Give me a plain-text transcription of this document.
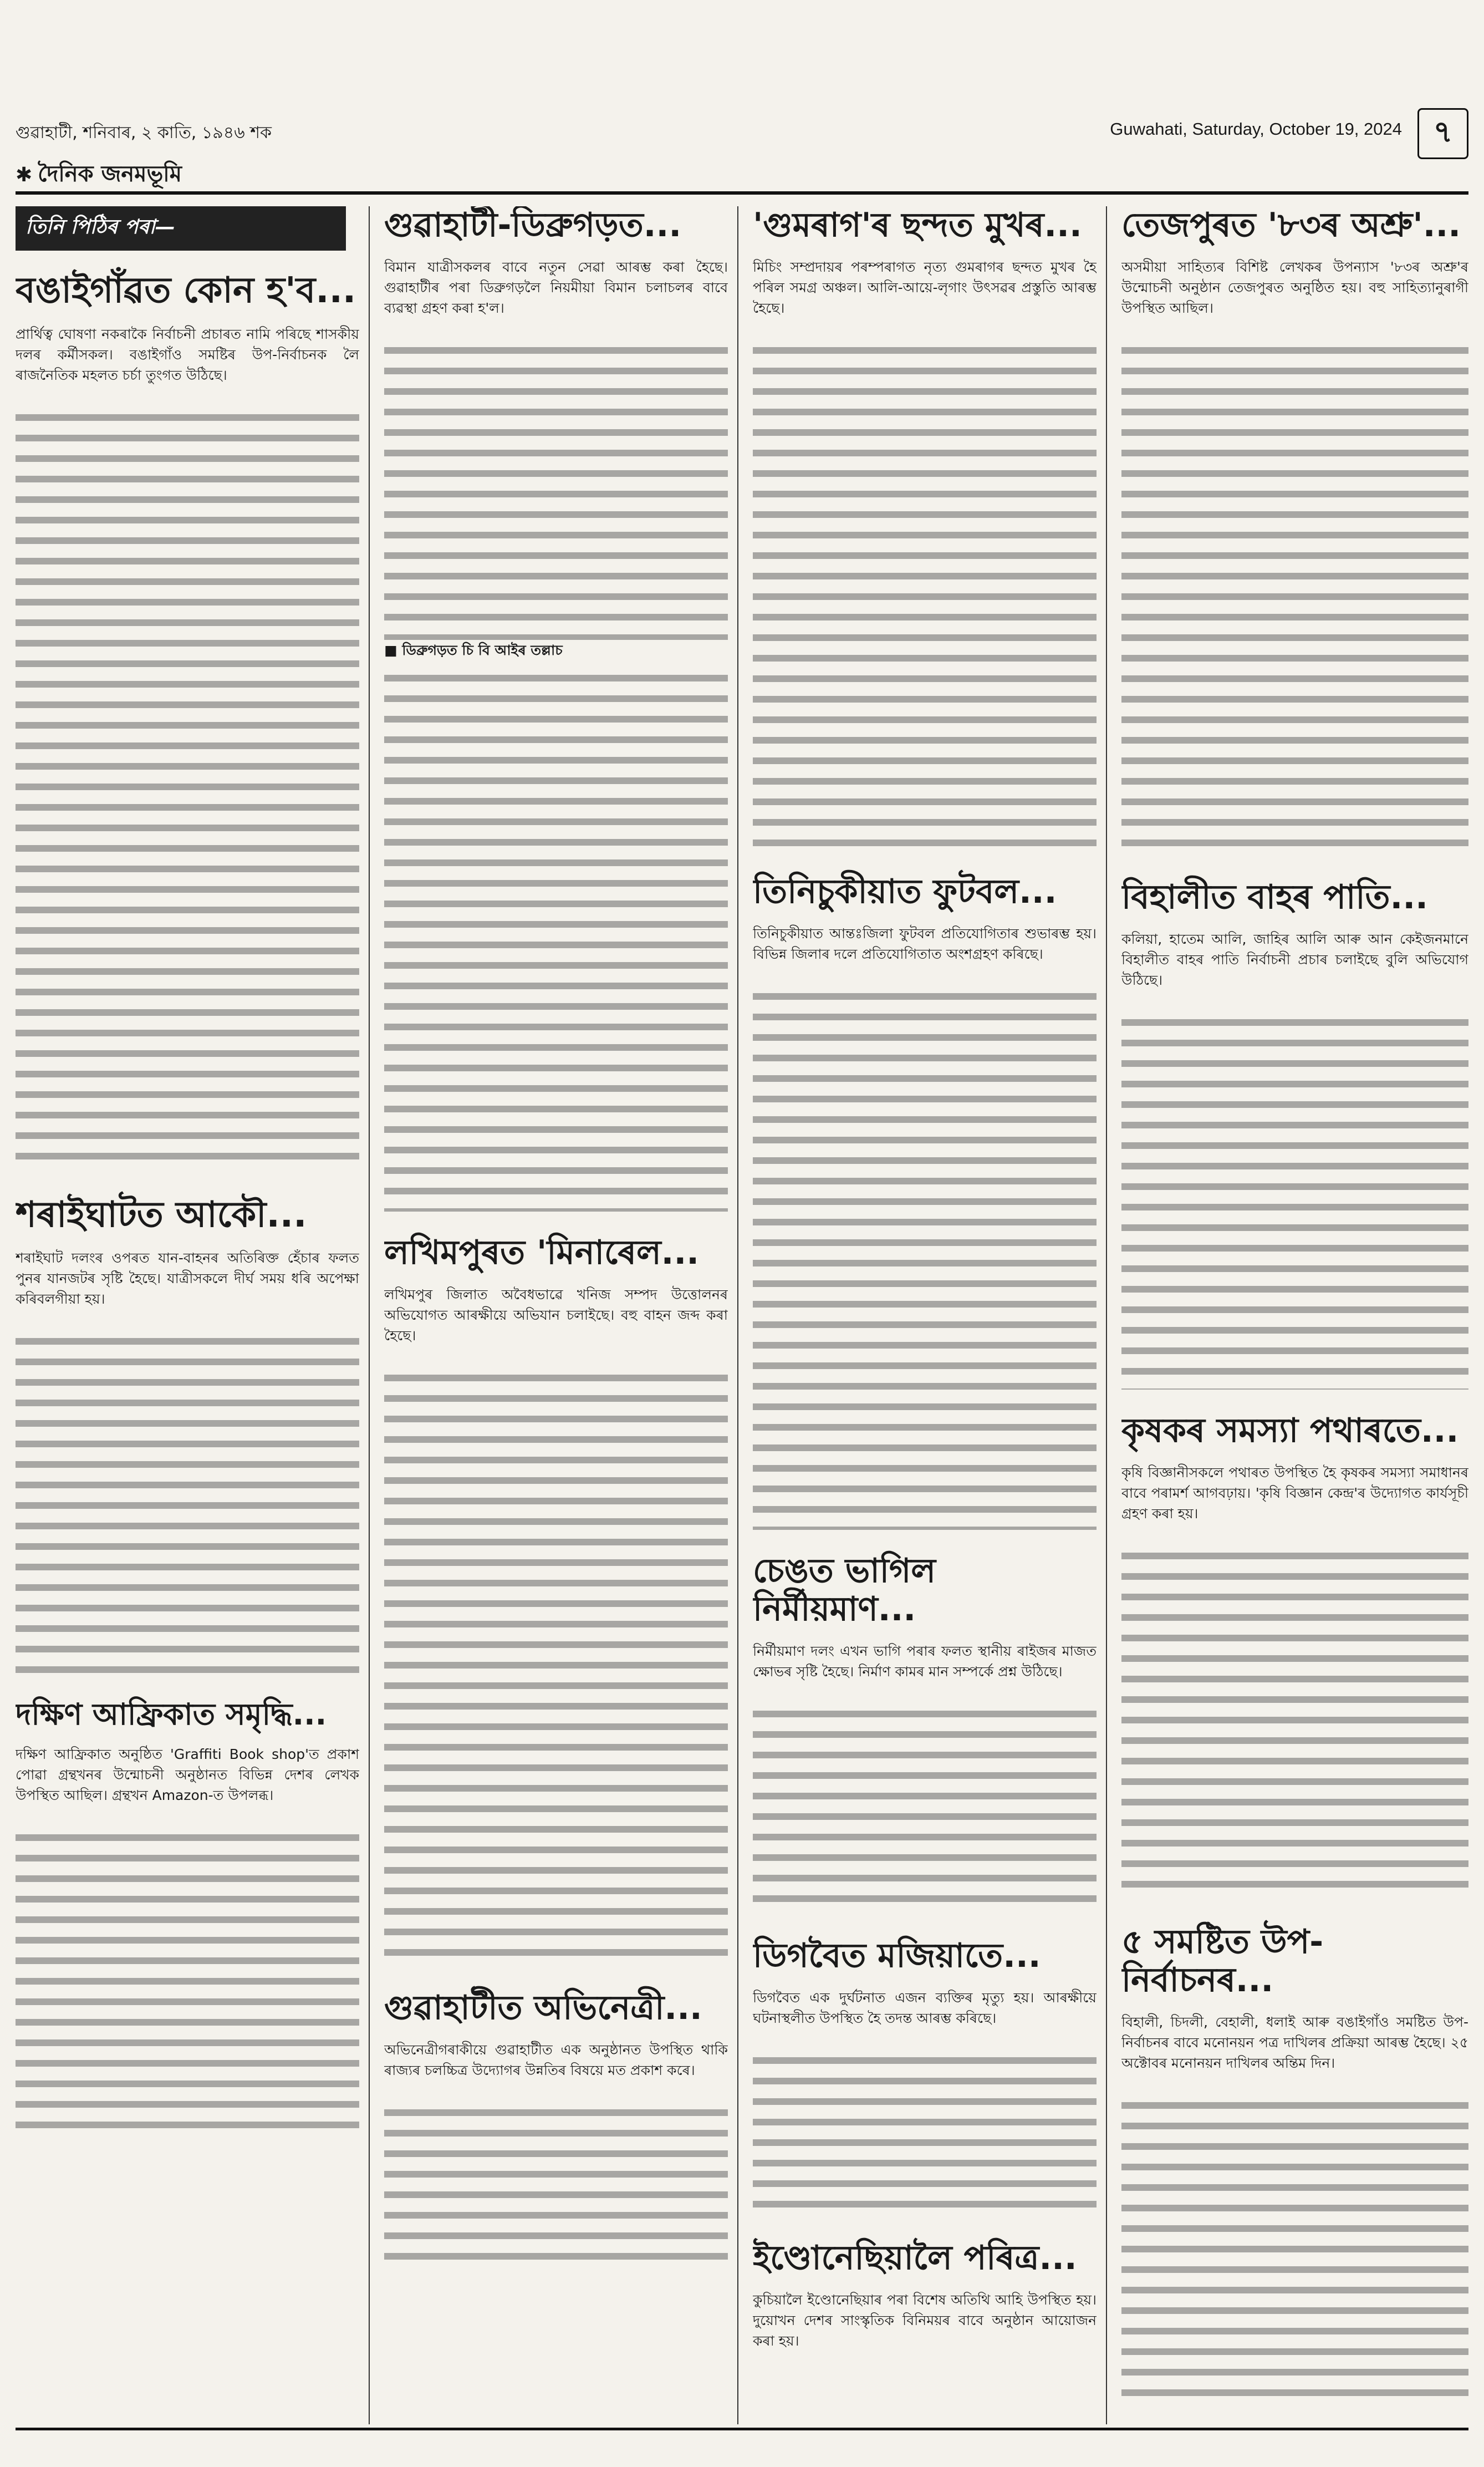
গুৱাহাটী, শনিবাৰ, ২ কাতি, ১৯৪৬ শক	Guwahati, Saturday, October 19, 2024	৭
✱ দৈনিক জনমভূমি
তিনি পিঠিৰ পৰা—
বঙাইগাঁৱত কোন হ'ব...

প্ৰাৰ্থিত্ব ঘোষণা নকৰাকৈ নিৰ্বাচনী প্ৰচাৰত নামি পৰিছে শাসকীয় দলৰ কৰ্মীসকল। বঙাইগাঁও সমষ্টিৰ উপ-নিৰ্বাচনক লৈ ৰাজনৈতিক মহলত চৰ্চা তুংগত উঠিছে।

শৰাইঘাটত আকৌ...

শৰাইঘাট দলংৰ ওপৰত যান-বাহনৰ অতিৰিক্ত হেঁচাৰ ফলত পুনৰ যানজটৰ সৃষ্টি হৈছে। যাত্ৰীসকলে দীৰ্ঘ সময় ধৰি অপেক্ষা কৰিবলগীয়া হয়।

দক্ষিণ আফ্ৰিকাত সমৃদ্ধি...

দক্ষিণ আফ্ৰিকাত অনুষ্ঠিত 'Graffiti Book shop'ত প্ৰকাশ পোৱা গ্ৰন্থখনৰ উন্মোচনী অনুষ্ঠানত বিভিন্ন দেশৰ লেখক উপস্থিত আছিল। গ্ৰন্থখন Amazon-ত উপলব্ধ।

গুৱাহাটী-ডিব্ৰুগড়ত...

বিমান যাত্ৰীসকলৰ বাবে নতুন সেৱা আৰম্ভ কৰা হৈছে। গুৱাহাটীৰ পৰা ডিব্ৰুগড়লৈ নিয়মীয়া বিমান চলাচলৰ বাবে ব্যৱস্থা গ্ৰহণ কৰা হ'ল।

■ ডিব্ৰুগড়ত চি বি আইৰ তল্লাচ

লখিমপুৰত 'মিনাৰেল...

লখিমপুৰ জিলাত অবৈধভাৱে খনিজ সম্পদ উত্তোলনৰ অভিযোগত আৰক্ষীয়ে অভিযান চলাইছে। বহু বাহন জব্দ কৰা হৈছে।

গুৱাহাটীত অভিনেত্ৰী...

অভিনেত্ৰীগৰাকীয়ে গুৱাহাটীত এক অনুষ্ঠানত উপস্থিত থাকি ৰাজ্যৰ চলচ্চিত্ৰ উদ্যোগৰ উন্নতিৰ বিষয়ে মত প্ৰকাশ কৰে।

'গুমৰাগ'ৰ ছন্দত মুখৰ...

মিচিং সম্প্ৰদায়ৰ পৰম্পৰাগত নৃত্য গুমৰাগৰ ছন্দত মুখৰ হৈ পৰিল সমগ্ৰ অঞ্চল। আলি-আয়ে-লৃগাং উৎসৱৰ প্ৰস্তুতি আৰম্ভ হৈছে।

তিনিচুকীয়াত ফুটবল...

তিনিচুকীয়াত আন্তঃজিলা ফুটবল প্ৰতিযোগিতাৰ শুভাৰম্ভ হয়। বিভিন্ন জিলাৰ দলে প্ৰতিযোগিতাত অংশগ্ৰহণ কৰিছে।

চেঙত ভাগিল নিৰ্মীয়মাণ...

নিৰ্মীয়মাণ দলং এখন ভাগি পৰাৰ ফলত স্থানীয় ৰাইজৰ মাজত ক্ষোভৰ সৃষ্টি হৈছে। নিৰ্মাণ কামৰ মান সম্পৰ্কে প্ৰশ্ন উঠিছে।

ডিগবৈত মজিয়াতে...

ডিগবৈত এক দুৰ্ঘটনাত এজন ব্যক্তিৰ মৃত্যু হয়। আৰক্ষীয়ে ঘটনাস্থলীত উপস্থিত হৈ তদন্ত আৰম্ভ কৰিছে।

ইণ্ডোনেছিয়ালৈ পৰিত্ৰ...

কুচিয়ালৈ ইণ্ডোনেছিয়াৰ পৰা বিশেষ অতিথি আহি উপস্থিত হয়। দুয়োখন দেশৰ সাংস্কৃতিক বিনিময়ৰ বাবে অনুষ্ঠান আয়োজন কৰা হয়।

তেজপুৰত '৮৩ৰ অশ্ৰু'...

অসমীয়া সাহিত্যৰ বিশিষ্ট লেখকৰ উপন্যাস '৮৩ৰ অশ্ৰু'ৰ উন্মোচনী অনুষ্ঠান তেজপুৰত অনুষ্ঠিত হয়। বহু সাহিত্যানুৰাগী উপস্থিত আছিল।

বিহালীত বাহৰ পাতি...

কলিয়া, হাতেম আলি, জাহিৰ আলি আৰু আন কেইজনমানে বিহালীত বাহৰ পাতি নিৰ্বাচনী প্ৰচাৰ চলাইছে বুলি অভিযোগ উঠিছে।

কৃষকৰ সমস্যা পথাৰতে...

কৃষি বিজ্ঞানীসকলে পথাৰত উপস্থিত হৈ কৃষকৰ সমস্যা সমাধানৰ বাবে পৰামৰ্শ আগবঢ়ায়। 'কৃষি বিজ্ঞান কেন্দ্ৰ'ৰ উদ্যোগত কাৰ্যসূচী গ্ৰহণ কৰা হয়।

৫ সমষ্টিত উপ-নিৰ্বাচনৰ...

বিহালী, চিদলী, বেহালী, ধলাই আৰু বঙাইগাঁও সমষ্টিত উপ-নিৰ্বাচনৰ বাবে মনোনয়ন পত্ৰ দাখিলৰ প্ৰক্ৰিয়া আৰম্ভ হৈছে। ২৫ অক্টোবৰ মনোনয়ন দাখিলৰ অন্তিম দিন।
